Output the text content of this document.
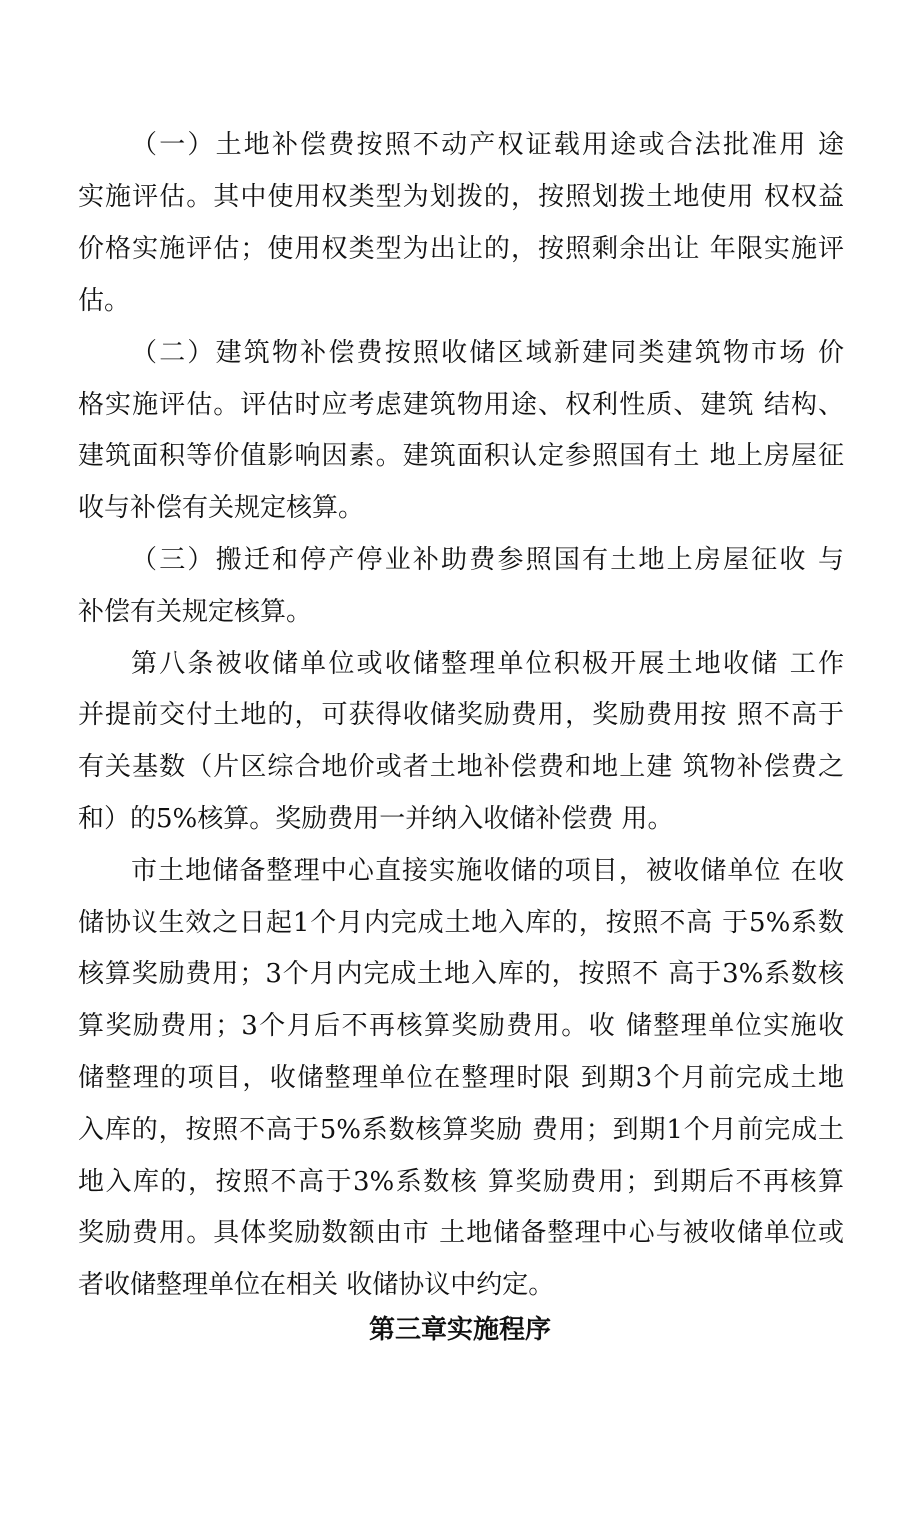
（一）土地补偿费按照不动产权证载用途或合法批准用 途
实施评估。其中使用权类型为划拨的，按照划拨土地使用 权权益
价格实施评估；使用权类型为出让的，按照剩余出让 年限实施评
估。
（二）建筑物补偿费按照收储区域新建同类建筑物市场 价
格实施评估。评估时应考虑建筑物用途、权利性质、建筑 结构、
建筑面积等价值影响因素。建筑面积认定参照国有土 地上房屋征
收与补偿有关规定核算。
（三）搬迁和停产停业补助费参照国有土地上房屋征收 与
补偿有关规定核算。
第八条被收储单位或收储整理单位积极开展土地收储 工作
并提前交付土地的，可获得收储奖励费用，奖励费用按 照不高于
有关基数（片区综合地价或者土地补偿费和地上建 筑物补偿费之
和）的5%核算。奖励费用一并纳入收储补偿费 用。
市土地储备整理中心直接实施收储的项目，被收储单位 在收
储协议生效之日起1个月内完成土地入库的，按照不高 于5%系数
核算奖励费用；3个月内完成土地入库的，按照不 高于3%系数核
算奖励费用；3个月后不再核算奖励费用。收 储整理单位实施收
储整理的项目，收储整理单位在整理时限 到期3个月前完成土地
入库的，按照不高于5%系数核算奖励 费用；到期1个月前完成土
地入库的，按照不高于3%系数核 算奖励费用；到期后不再核算
奖励费用。具体奖励数额由市 土地储备整理中心与被收储单位或
者收储整理单位在相关 收储协议中约定。
第三章实施程序
